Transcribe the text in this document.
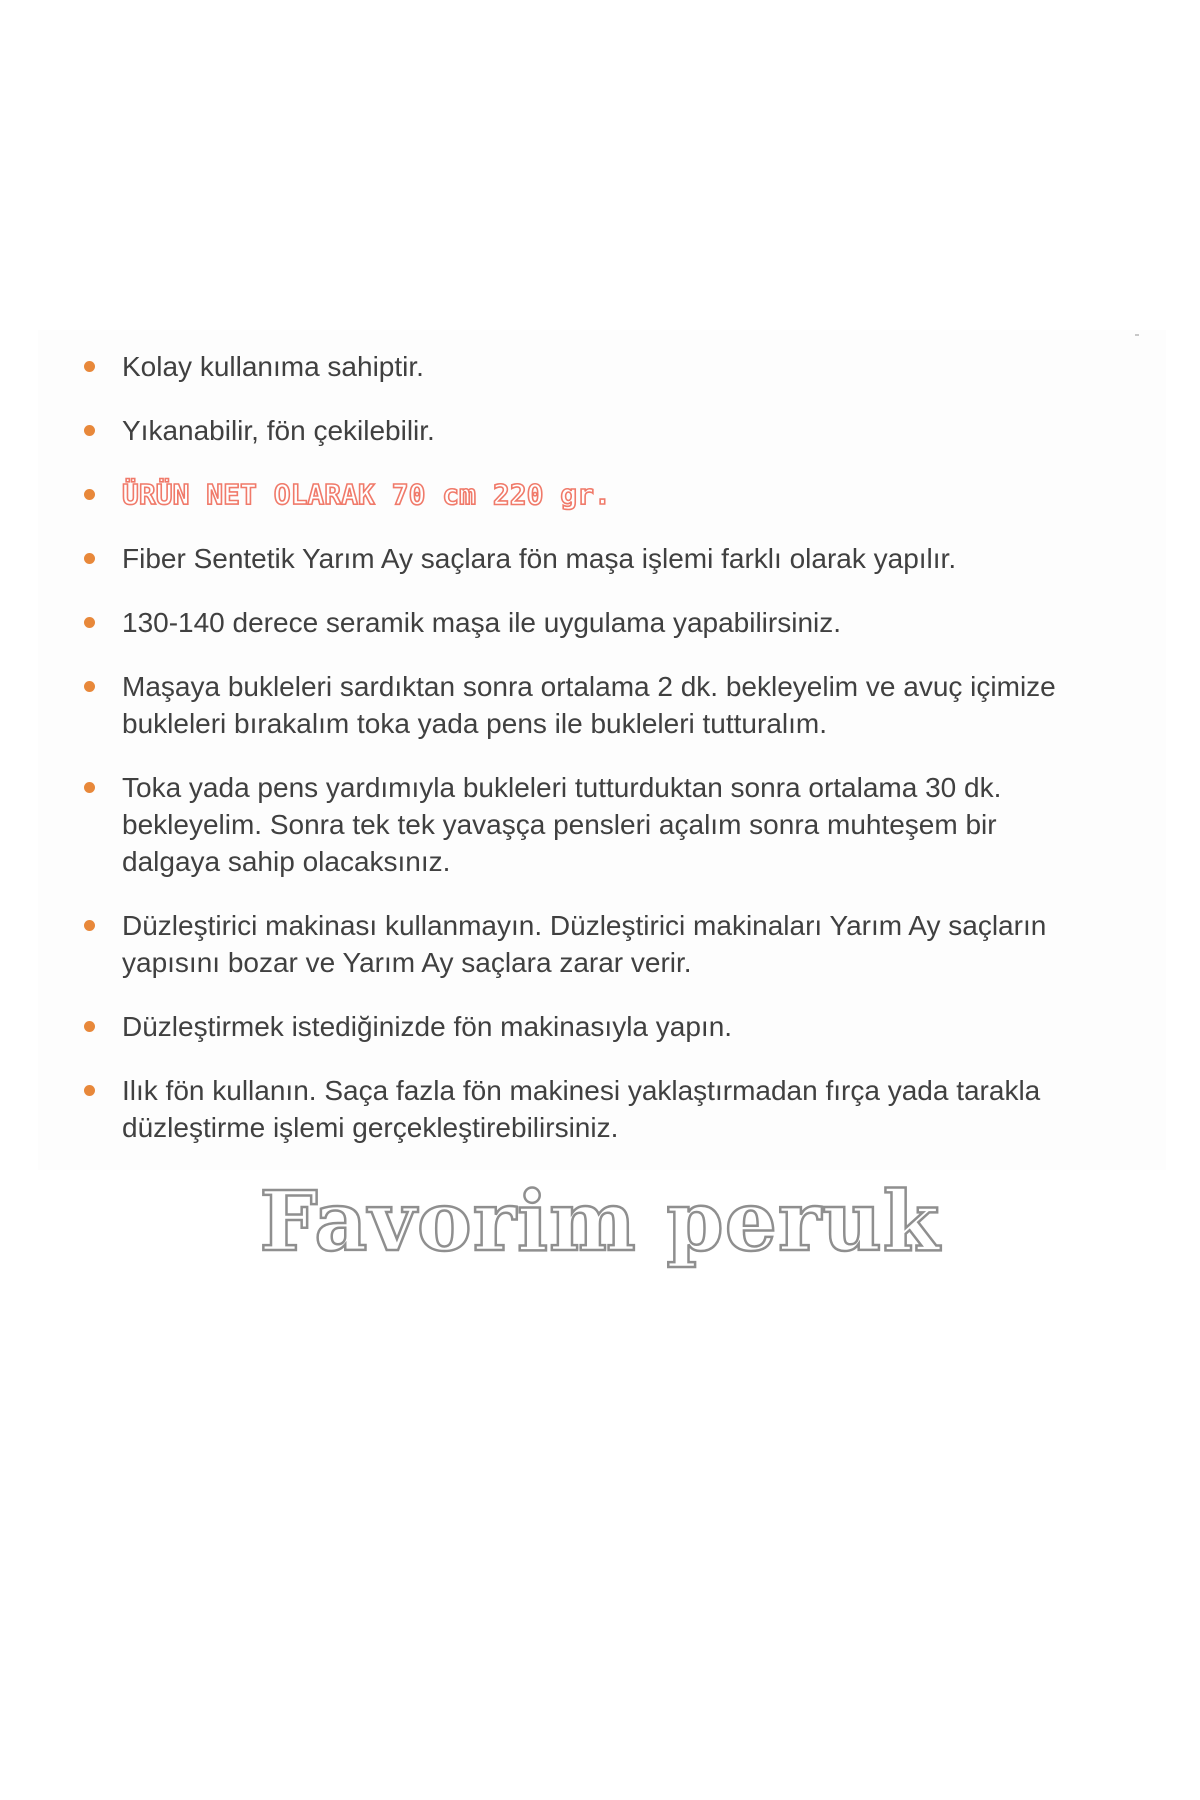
Kolay kullanıma sahiptir.
Yıkanabilir, fön çekilebilir.
ÜRÜN NET OLARAK 70 cm 220 gr.
Fiber Sentetik Yarım Ay saçlara fön maşa işlemi farklı olarak yapılır.
130-140 derece seramik maşa ile uygulama yapabilirsiniz.
Maşaya bukleleri sardıktan sonra ortalama 2 dk. bekleyelim ve avuç içimize bukleleri bırakalım toka yada pens ile bukleleri tutturalım.
Toka yada pens yardımıyla bukleleri tutturduktan sonra ortalama 30 dk. bekleyelim. Sonra tek tek yavaşça pensleri açalım sonra muhteşem bir dalgaya sahip olacaksınız.
Düzleştirici makinası kullanmayın. Düzleştirici makinaları Yarım Ay saçların yapısını bozar ve Yarım Ay saçlara zarar verir.
Düzleştirmek istediğinizde fön makinasıyla yapın.
Ilık fön kullanın. Saça fazla fön makinesi yaklaştırmadan fırça yada tarakla düzleştirme işlemi gerçekleştirebilirsiniz.
Favorim peruk
